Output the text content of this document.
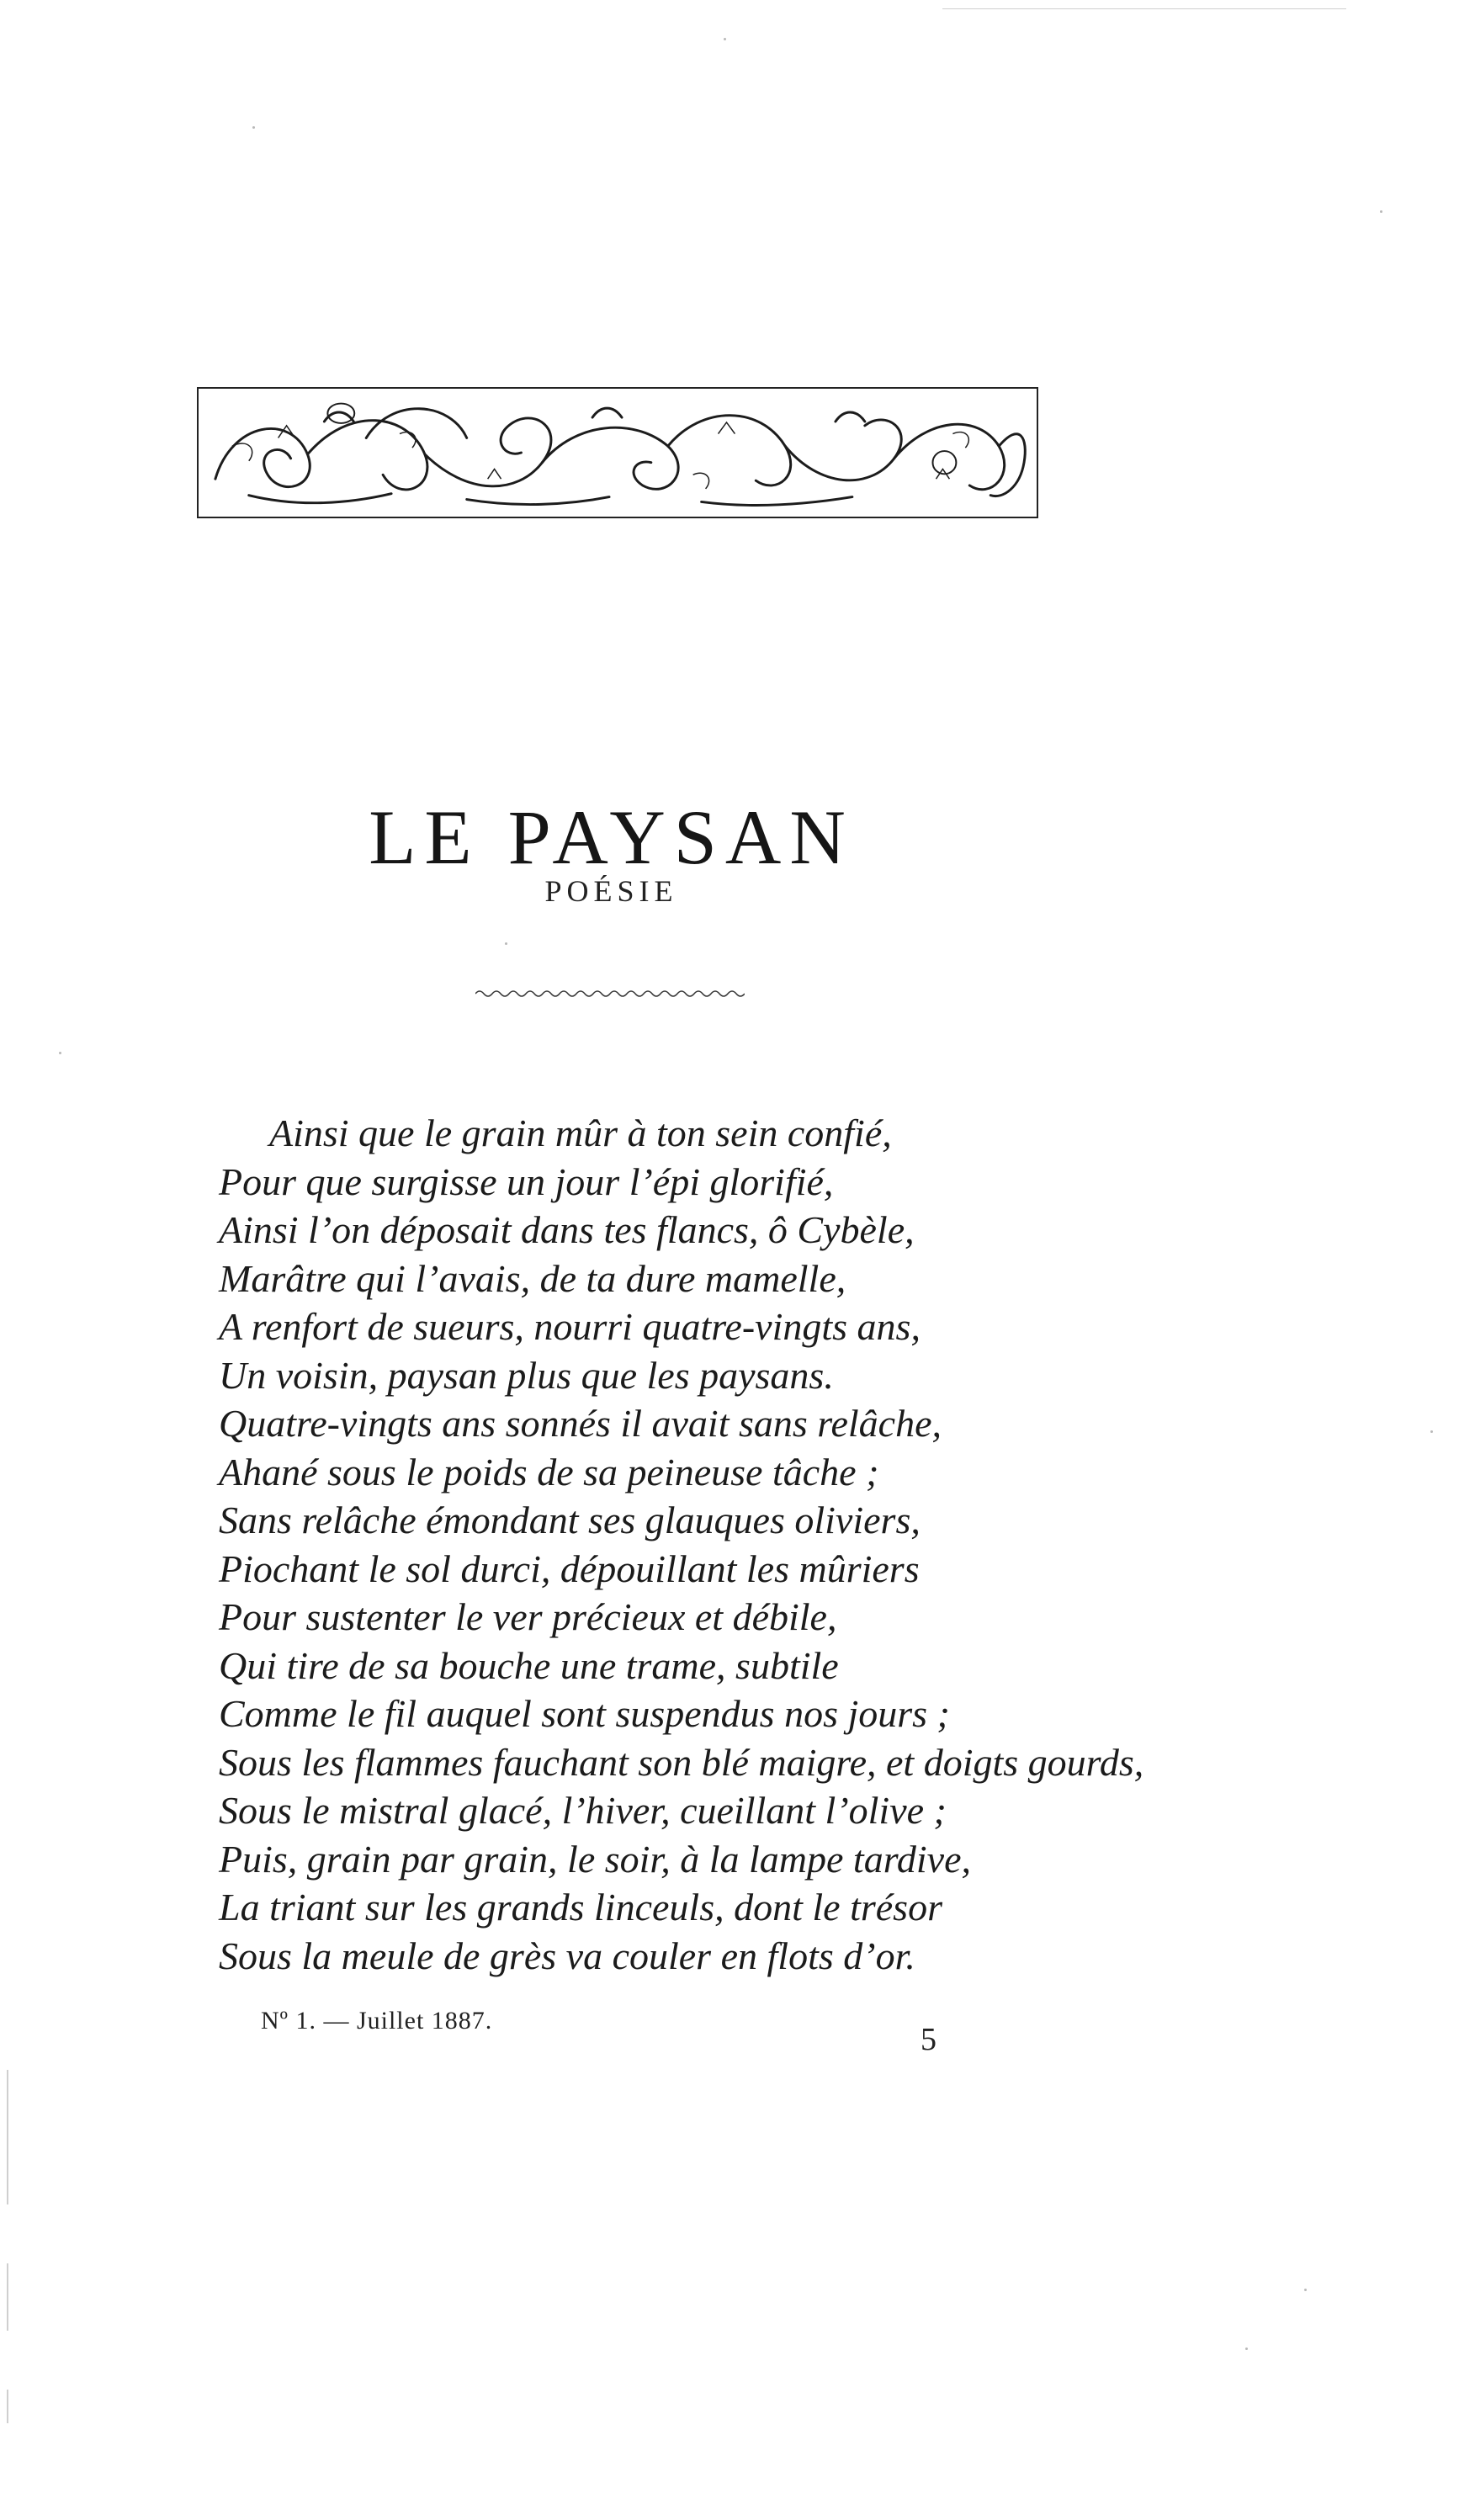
LE PAYSAN
POÉSIE
Ainsi que le grain mûr à ton sein confié,
Pour que surgisse un jour l’épi glorifié,
Ainsi l’on déposait dans tes flancs, ô Cybèle,
Marâtre qui l’avais, de ta dure mamelle,
A renfort de sueurs, nourri quatre-vingts ans,
Un voisin, paysan plus que les paysans.
Quatre-vingts ans sonnés il avait sans relâche,
Ahané sous le poids de sa peineuse tâche ;
Sans relâche émondant ses glauques oliviers,
Piochant le sol durci, dépouillant les mûriers
Pour sustenter le ver précieux et débile,
Qui tire de sa bouche une trame, subtile
Comme le fil auquel sont suspendus nos jours ;
Sous les flammes fauchant son blé maigre, et doigts gourds,
Sous le mistral glacé, l’hiver, cueillant l’olive ;
Puis, grain par grain, le soir, à la lampe tardive,
La triant sur les grands linceuls, dont le trésor
Sous la meule de grès va couler en flots d’or.
Nº 1. — Juillet 1887.
5
